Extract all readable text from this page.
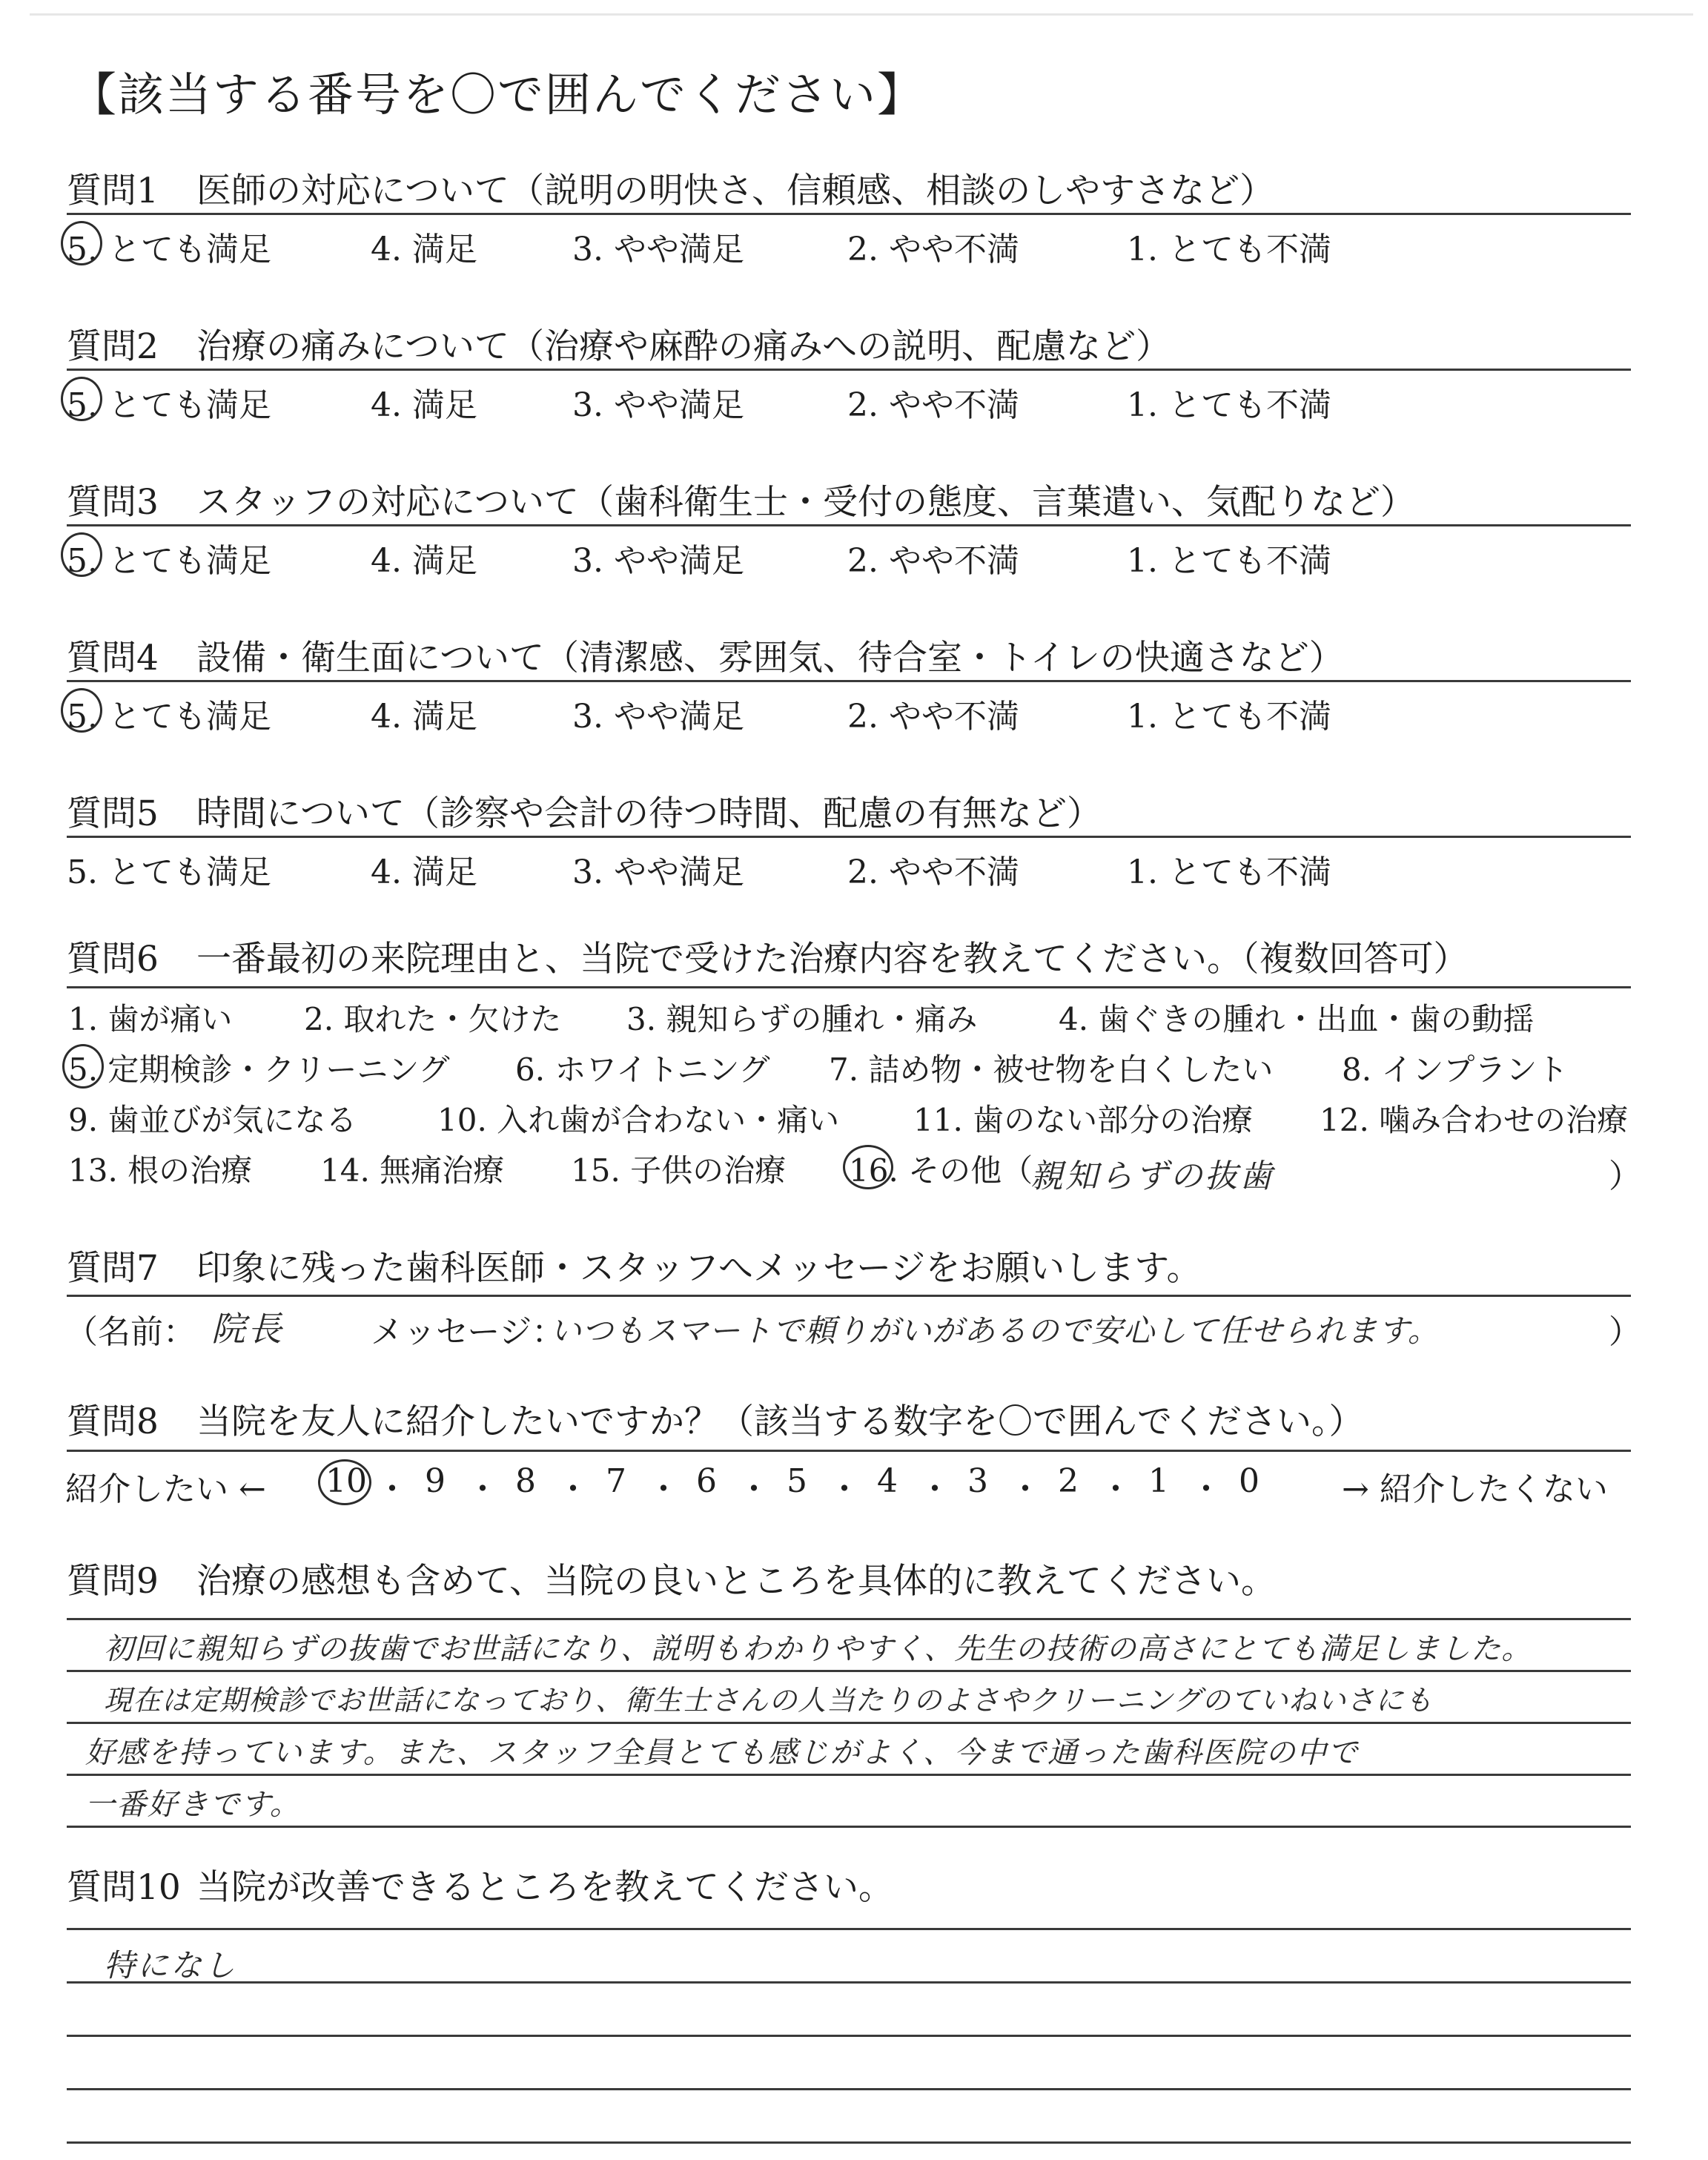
【該当する番号を〇で囲んでください】
質問1 医師の対応について（説明の明快さ、信頼感、相談のしやすさなど）
5. とても満足	4. 満足	3. やや満足	2. やや不満	1. とても不満
質問2 治療の痛みについて（治療や麻酔の痛みへの説明、配慮など）
5. とても満足	4. 満足	3. やや満足	2. やや不満	1. とても不満
質問3 スタッフの対応について（歯科衛生士・受付の態度、言葉遣い、気配りなど）
5. とても満足	4. 満足	3. やや満足	2. やや不満	1. とても不満
質問4 設備・衛生面について（清潔感、雰囲気、待合室・トイレの快適さなど）
5. とても満足	4. 満足	3. やや満足	2. やや不満	1. とても不満
質問5 時間について（診察や会計の待つ時間、配慮の有無など）
5. とても満足	4. 満足	3. やや満足	2. やや不満	1. とても不満
質問6 一番最初の来院理由と、当院で受けた治療内容を教えてください。（複数回答可）
1. 歯が痛い 2. 取れた・欠けた 3. 親知らずの腫れ・痛み	4. 歯ぐきの腫れ・出血・歯の動揺
5. 定期検診・クリーニング 6. ホワイトニング 7. 詰め物・被せ物を白くしたい 8. インプラント
9. 歯並びが気になる	10. 入れ歯が合わない・痛い 11. 歯のない部分の治療 12. 噛み合わせの治療
13. 根の治療 14. 無痛治療 15. 子供の治療 16. その他（
親知らずの抜歯	）
質問7 印象に残った歯科医師・スタッフへメッセージをお願いします。
（名前： 院長	メッセージ：
いつもスマートで頼りがいがあるので安心して任せられます。	）
質問8 当院を友人に紹介したいですか？（該当する数字を〇で囲んでください。）
紹介したい ← 10 ・ 9 ・ 8 ・ 7 ・ 6 ・ 5 ・ 4 ・ 3 ・ 2 ・ 1 ・ 0	→ 紹介したくない
質問9 治療の感想も含めて、当院の良いところを具体的に教えてください。
初回に親知らずの抜歯でお世話になり、説明もわかりやすく、先生の技術の高さにとても満足しました。
現在は定期検診でお世話になっており、衛生士さんの人当たりのよさやクリーニングのていねいさにも
好感を持っています。また、スタッフ全員とても感じがよく、今まで通った歯科医院の中で
一番好きです。
質問10 当院が改善できるところを教えてください。
特になし
